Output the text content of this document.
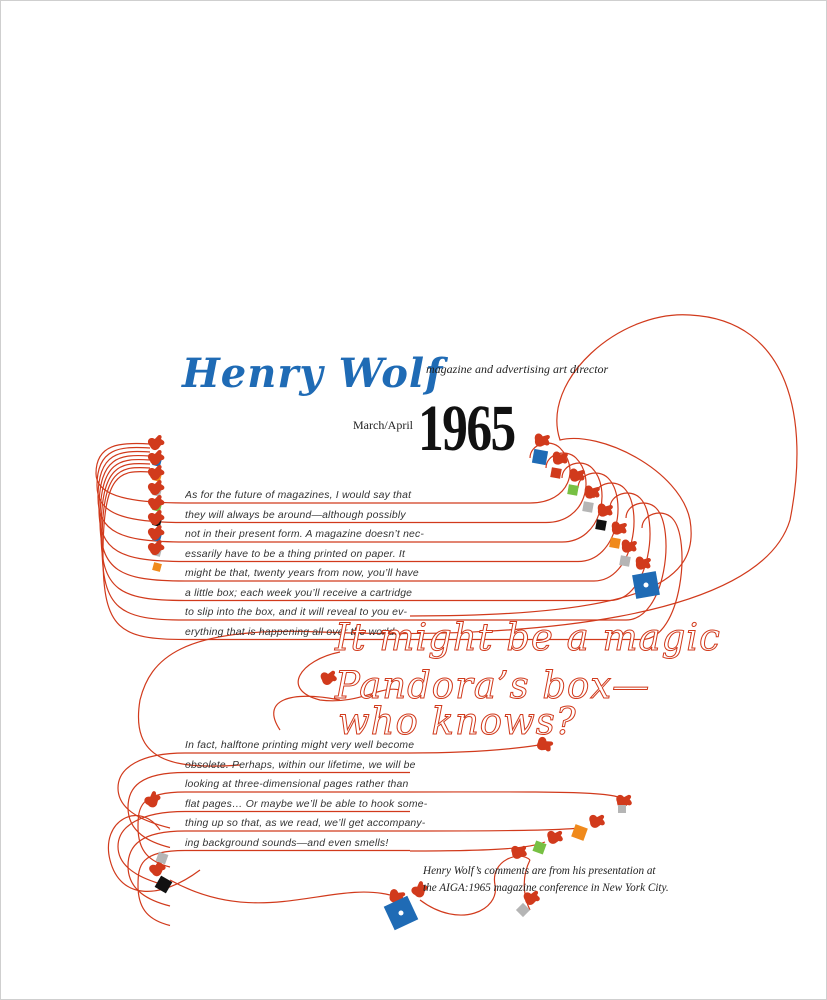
Henry Wolf
magazine and advertising art director
March/April 1965
As for the future of magazines, I would say that
they will always be around—although possibly
not in their present form. A magazine doesn’t nec-
essarily have to be a thing printed on paper. It
might be that, twenty years from now, you’ll have
a little box; each week you’ll receive a cartridge
to slip into the box, and it will reveal to you ev-
erything that is happening all over the world.
It might be a magic
Pandora’s box—
who knows?
In fact, halftone printing might very well become
obsolete. Perhaps, within our lifetime, we will be
looking at three-dimensional pages rather than
flat pages… Or maybe we’ll be able to hook some-
thing up so that, as we read, we’ll get accompany-
ing background sounds—and even smells!
Henry Wolf’s comments are from his presentation at
the AIGA:1965 magazine conference in New York City.
